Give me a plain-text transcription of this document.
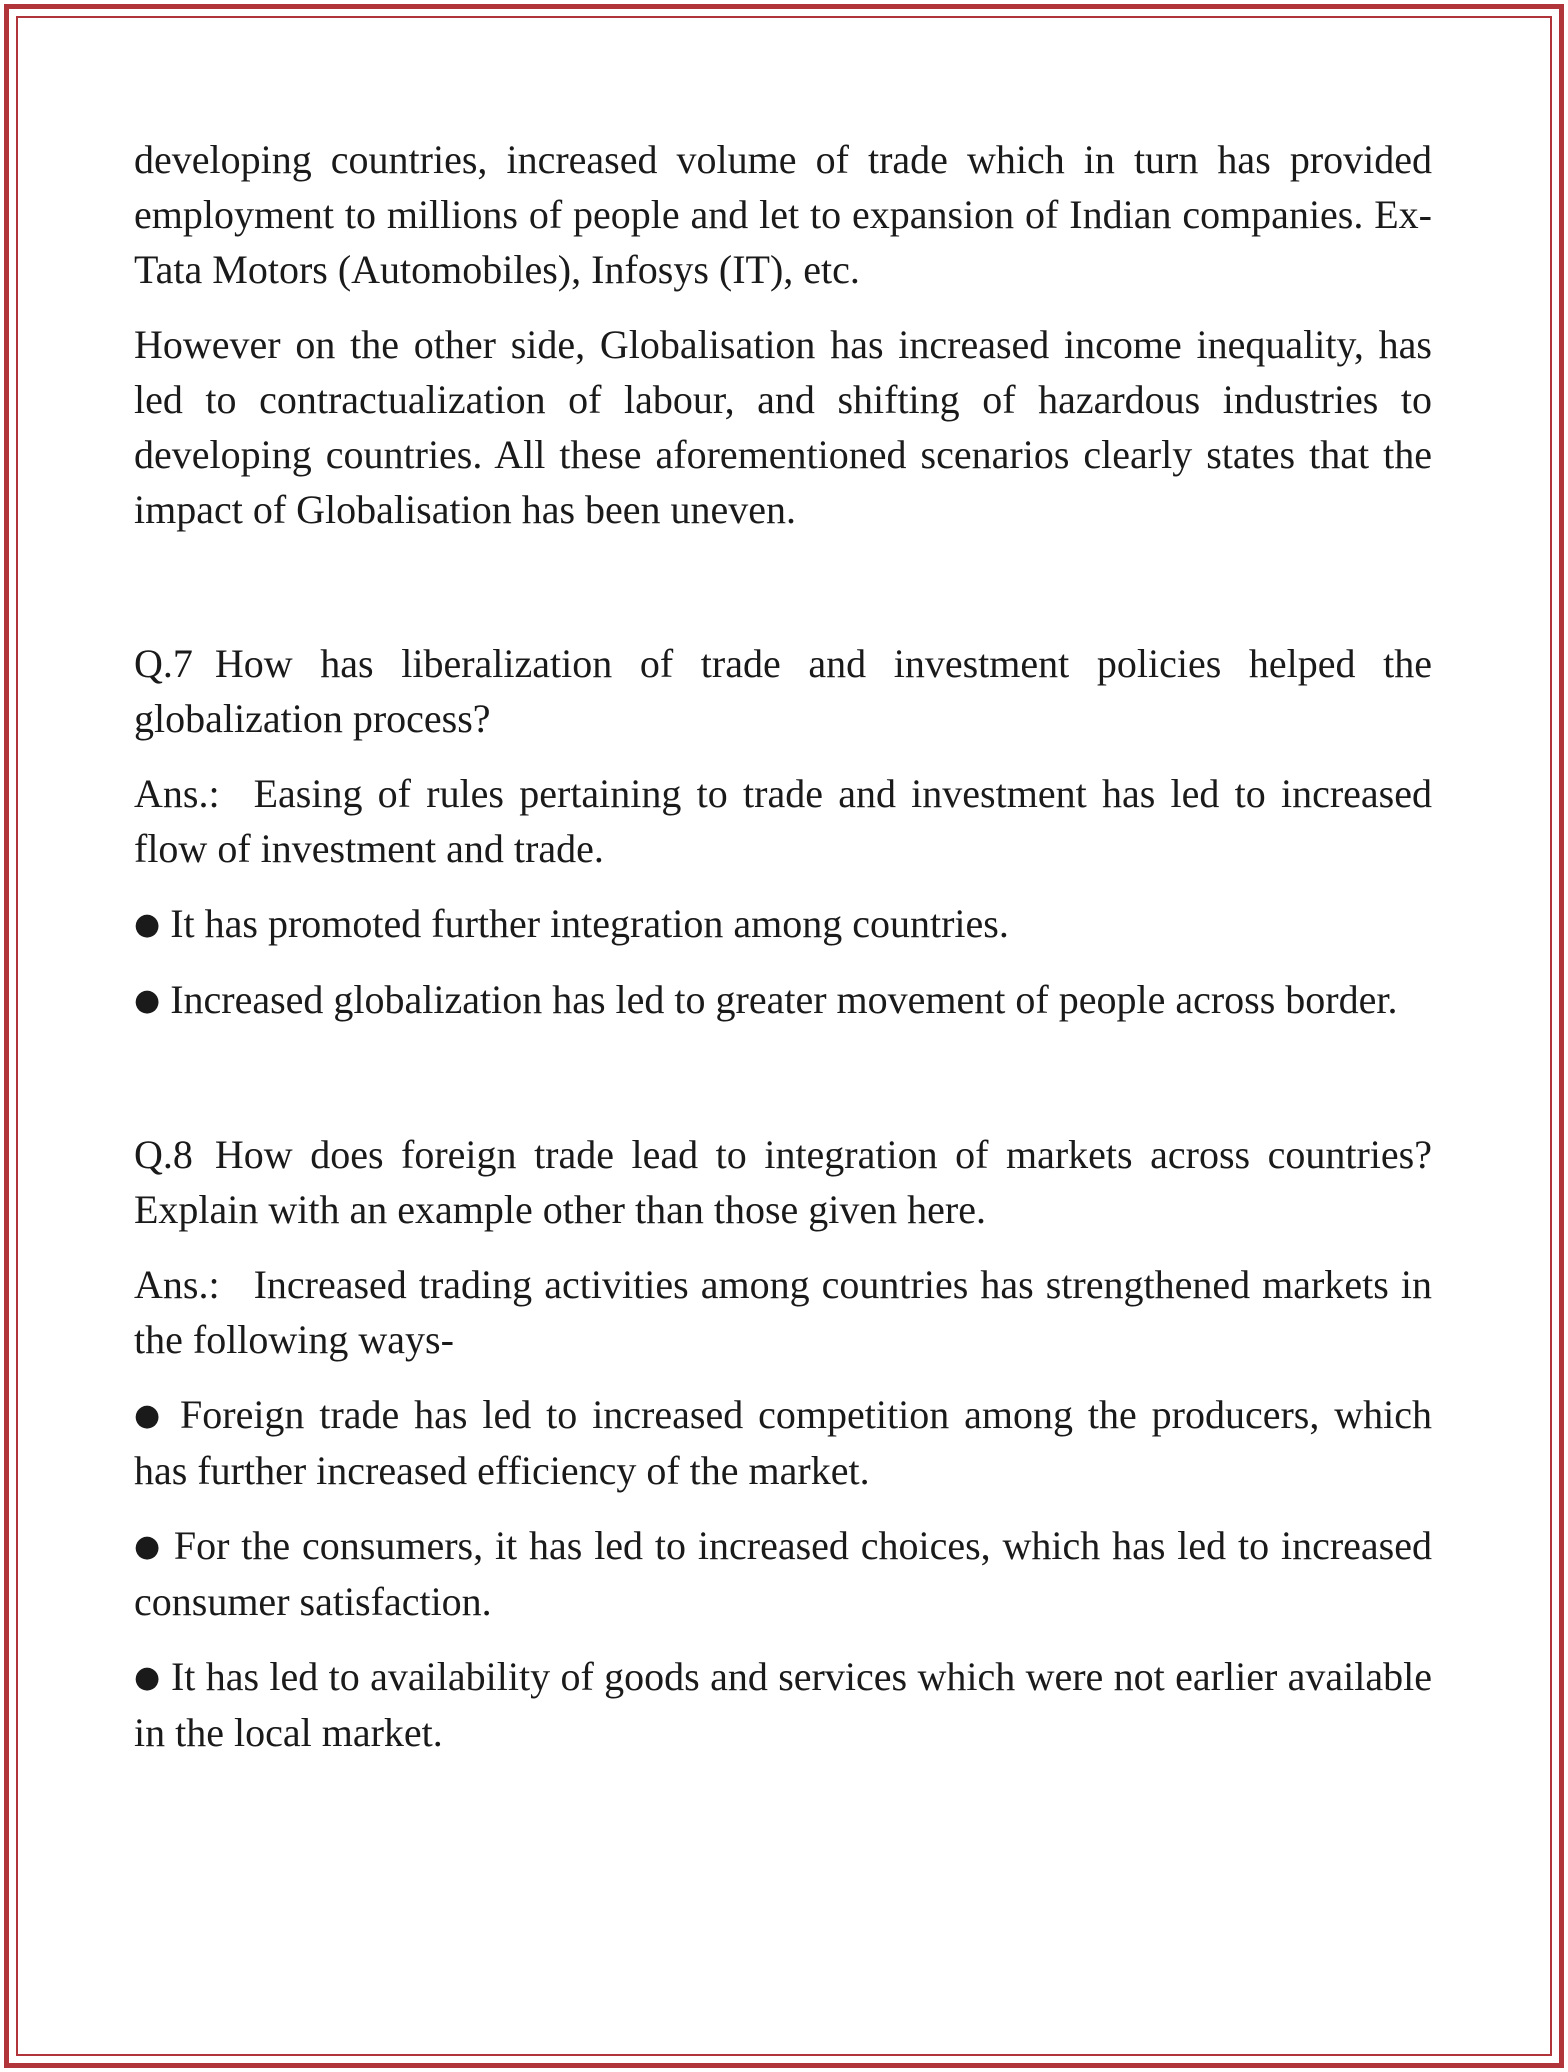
developing countries, increased volume of trade which in turn has provided employment to millions of people and let to expansion of Indian companies. Ex- Tata Motors (Automobiles), Infosys (IT), etc.

However on the other side, Globalisation has increased income inequality, has led to contractualization of labour, and shifting of hazardous industries to developing countries. All these aforementioned scenarios clearly states that the impact of Globalisation has been uneven.

Q.7 How has liberalization of trade and investment policies helped the globalization process?

Ans.: Easing of rules pertaining to trade and investment has led to increased flow of investment and trade.

● It has promoted further integration among countries.

● Increased globalization has led to greater movement of people across border.

Q.8 How does foreign trade lead to integration of markets across countries? Explain with an example other than those given here.

Ans.: Increased trading activities among countries has strengthened markets in the following ways-

● Foreign trade has led to increased competition among the producers, which has further increased efficiency of the market.

● For the consumers, it has led to increased choices, which has led to increased consumer satisfaction.

● It has led to availability of goods and services which were not earlier available in the local market.
